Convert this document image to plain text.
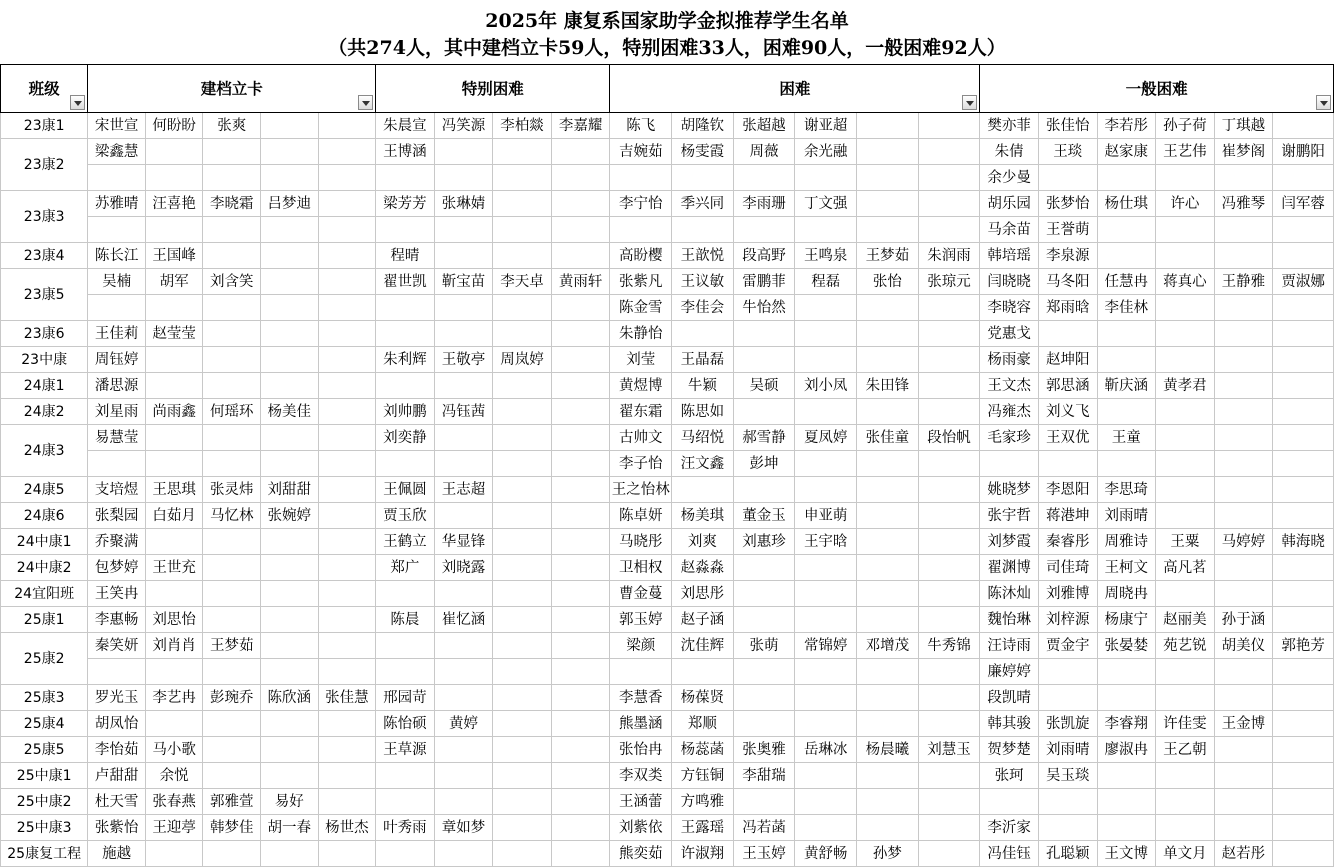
2025年 康复系国家助学金拟推荐学生名单
（共274人，其中建档立卡59人，特别困难33人，困难90人，一般困难92人）
班级	建档立卡					特别困难				困难						一般困难					

23康1	宋世宣	何盼盼	张爽			朱晨宣	冯笑源	李柏燚	李嘉耀	陈飞	胡隆钦	张超越	谢亚超			樊亦菲	张佳怡	李若彤	孙子荷	丁琪越	
23康2	梁鑫慧					王博涵				吉婉茹	杨雯霞	周薇	余光融			朱倩	王琰	赵家康	王艺伟	崔梦阁	谢鹏阳
																余少曼					
23康3	苏雅晴	汪喜艳	李晓霜	吕梦迪		梁芳芳	张琳婧			李宁怡	季兴同	李雨珊	丁文强			胡乐园	张梦怡	杨仕琪	许心	冯雅琴	闫军蓉
																马余苗	王誉萌				
23康4	陈长江	王国峰				程晴				高盼樱	王歆悦	段高野	王鸣泉	王梦茹	朱润雨	韩培瑶	李泉源				
23康5	吴楠	胡军	刘含笑			翟世凯	靳宝苗	李天卓	黄雨轩	张紫凡	王议敏	雷鹏菲	程磊	张怡	张琼元	闫晓晓	马冬阳	任慧冉	蒋真心	王静雅	贾淑娜
										陈金雪	李佳会	牛怡然				李晓容	郑雨晗	李佳林			
23康6	王佳莉	赵莹莹								朱静怡						党惠戈					
23中康	周钰婷					朱利辉	王敬亭	周岚婷		刘莹	王晶磊					杨雨豪	赵坤阳				
24康1	潘思源									黄煜博	牛颖	吴硕	刘小凤	朱田锋		王文杰	郭思涵	靳庆涵	黄孝君		
24康2	刘星雨	尚雨鑫	何瑶环	杨美佳		刘帅鹏	冯钰茜			翟东霜	陈思如					冯雍杰	刘义飞				
24康3	易慧莹					刘奕静				古帅文	马绍悦	郝雪静	夏凤婷	张佳童	段怡帆	毛家珍	王双优	王童			
										李子怡	汪文鑫	彭坤									
24康5	支培煜	王思琪	张灵炜	刘甜甜		王佩圆	王志超			王之怡林						姚晓梦	李恩阳	李思琦			
24康6	张梨园	白茹月	马忆林	张婉婷		贾玉欣				陈卓妍	杨美琪	董金玉	申亚萌			张宇哲	蒋港坤	刘雨晴			
24中康1	乔聚满					王鹤立	华显锋			马晓彤	刘爽	刘惠珍	王宇晗			刘梦霞	秦睿彤	周雅诗	王粟	马婷婷	韩海晓
24中康2	包梦婷	王世充				郑广	刘晓露			卫相权	赵淼淼					翟渊博	司佳琦	王柯文	高凡茗		
24宜阳班	王笑冉									曹金蔓	刘思彤					陈沐灿	刘雅博	周晓冉			
25康1	李惠畅	刘思怡				陈晨	崔忆涵			郭玉婷	赵子涵					魏怡琳	刘梓源	杨康宁	赵丽美	孙于涵	
25康2	秦笑妍	刘肖肖	王梦茹							梁颜	沈佳辉	张萌	常锦婷	邓增茂	牛秀锦	汪诗雨	贾金宇	张晏婪	苑艺锐	胡美仪	郭艳芳
																廉婷婷					
25康3	罗光玉	李艺冉	彭琬乔	陈欣涵	张佳慧	邢园苛				李慧香	杨葆贤					段凯晴					
25康4	胡凤怡					陈怡硕	黄婷			熊墨涵	郑顺					韩其骏	张凯旋	李睿翔	许佳雯	王金博	
25康5	李怡茹	马小歌				王草源				张怡冉	杨蕊菡	张奥雅	岳琳冰	杨晨曦	刘慧玉	贺梦楚	刘雨晴	廖淑冉	王乙朝		
25中康1	卢甜甜	余悦								李双类	方钰铜	李甜瑞				张珂	吴玉琰				
25中康2	杜天雪	张春燕	郭雅萱	易好						王涵蕾	方鸣雅										
25中康3	张紫怡	王迎葶	韩梦佳	胡一春	杨世杰	叶秀雨	章如梦			刘紫依	王露瑶	冯若菡				李沂家					
25康复工程	施越									熊奕茹	许淑翔	王玉婷	黄舒畅	孙梦		冯佳钰	孔聪颖	王文博	单文月	赵若彤	
